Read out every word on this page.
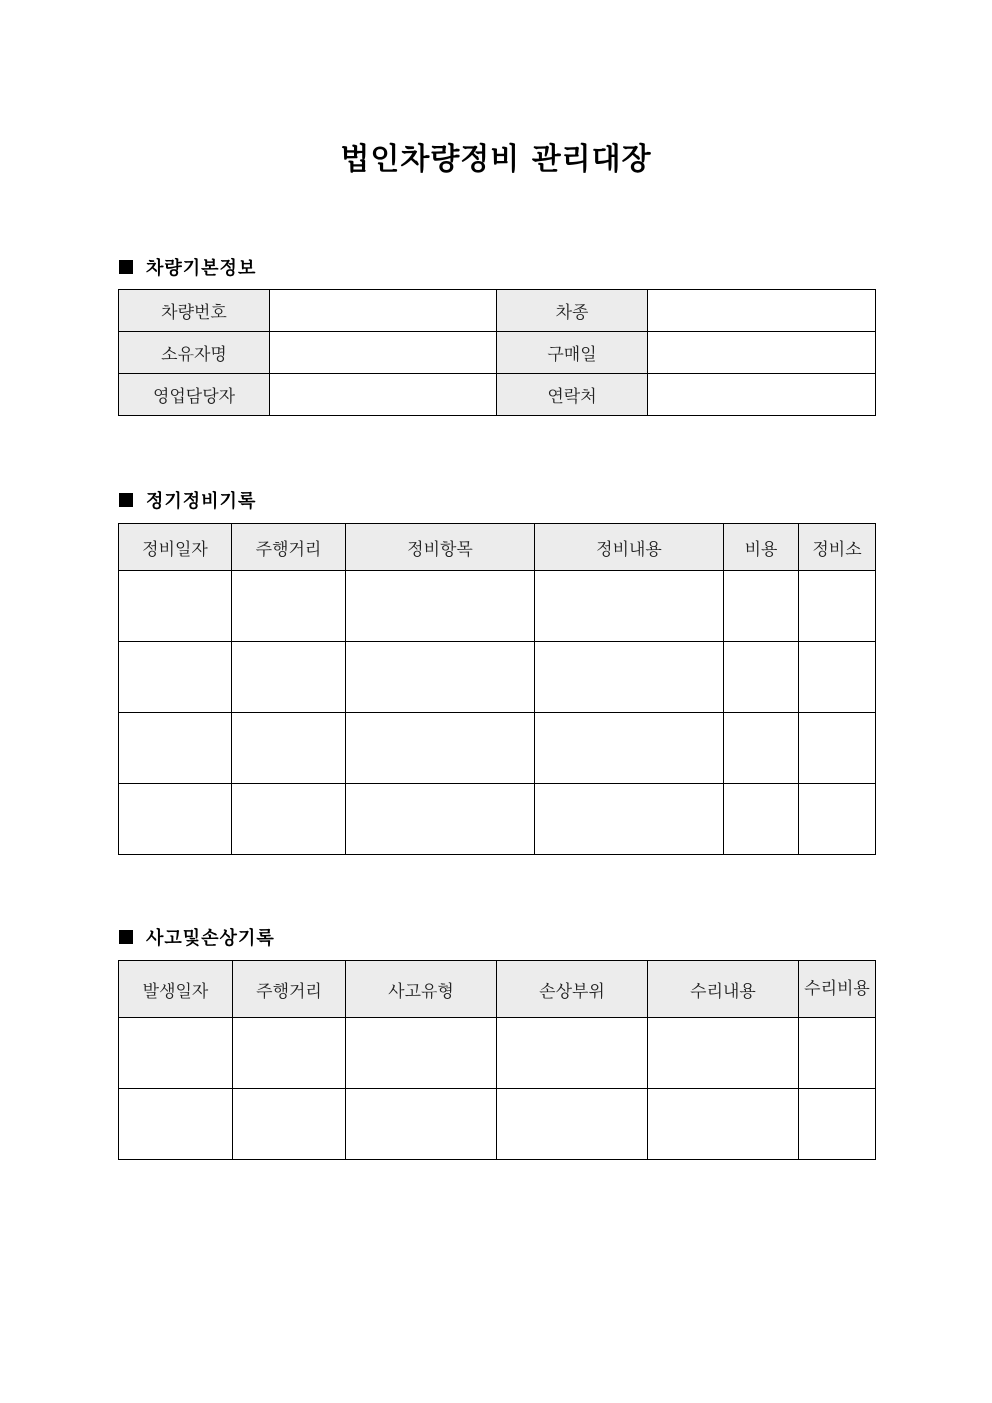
법인차량정비 관리대장
차량기본정보
차량번호		차종	
소유자명		구매일	
영업담당자		연락처	
정기정비기록
정비일자	주행거리	정비항목	정비내용	비용	정비소

사고및손상기록
발생일자	주행거리	사고유형	손상부위	수리내용	수리비용
